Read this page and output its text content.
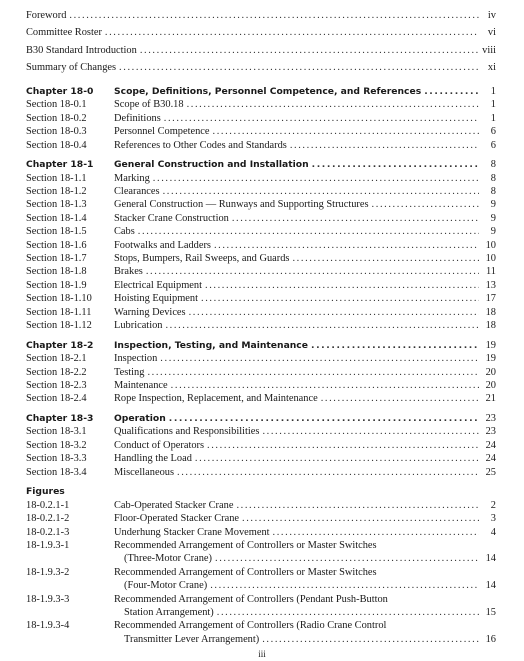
Foreword .....	iv
Committee Roster .....	vi
B30 Standard Introduction .....	viii
Summary of Changes .....	xi
Chapter 18-0	Scope, Definitions, Personnel Competence, and References .....	1
Section 18-0.1	Scope of B30.18 .....	1
Section 18-0.2	Definitions .....	1
Section 18-0.3	Personnel Competence .....	6
Section 18-0.4	References to Other Codes and Standards .....	6
Chapter 18-1	General Construction and Installation .....	8
Section 18-1.1	Marking .....	8
Section 18-1.2	Clearances .....	8
Section 18-1.3	General Construction — Runways and Supporting Structures .....	9
Section 18-1.4	Stacker Crane Construction .....	9
Section 18-1.5	Cabs .....	9
Section 18-1.6	Footwalks and Ladders .....	10
Section 18-1.7	Stops, Bumpers, Rail Sweeps, and Guards .....	10
Section 18-1.8	Brakes .....	11
Section 18-1.9	Electrical Equipment .....	13
Section 18-1.10	Hoisting Equipment .....	17
Section 18-1.11	Warning Devices .....	18
Section 18-1.12	Lubrication .....	18
Chapter 18-2	Inspection, Testing, and Maintenance .....	19
Section 18-2.1	Inspection .....	19
Section 18-2.2	Testing .....	20
Section 18-2.3	Maintenance .....	20
Section 18-2.4	Rope Inspection, Replacement, and Maintenance .....	21
Chapter 18-3	Operation .....	23
Section 18-3.1	Qualifications and Responsibilities .....	23
Section 18-3.2	Conduct of Operators .....	24
Section 18-3.3	Handling the Load .....	24
Section 18-3.4	Miscellaneous .....	25
Figures
18-0.2.1-1	Cab-Operated Stacker Crane .....	2
18-0.2.1-2	Floor-Operated Stacker Crane .....	3
18-0.2.1-3	Underhung Stacker Crane Movement .....	4
18-1.9.3-1	Recommended Arrangement of Controllers or Master Switches
(Three-Motor Crane) .....	14
18-1.9.3-2	Recommended Arrangement of Controllers or Master Switches
(Four-Motor Crane) .....	14
18-1.9.3-3	Recommended Arrangement of Controllers (Pendant Push-Button
Station Arrangement) .....	15
18-1.9.3-4	Recommended Arrangement of Controllers (Radio Crane Control
Transmitter Lever Arrangement) .....	16
iii
